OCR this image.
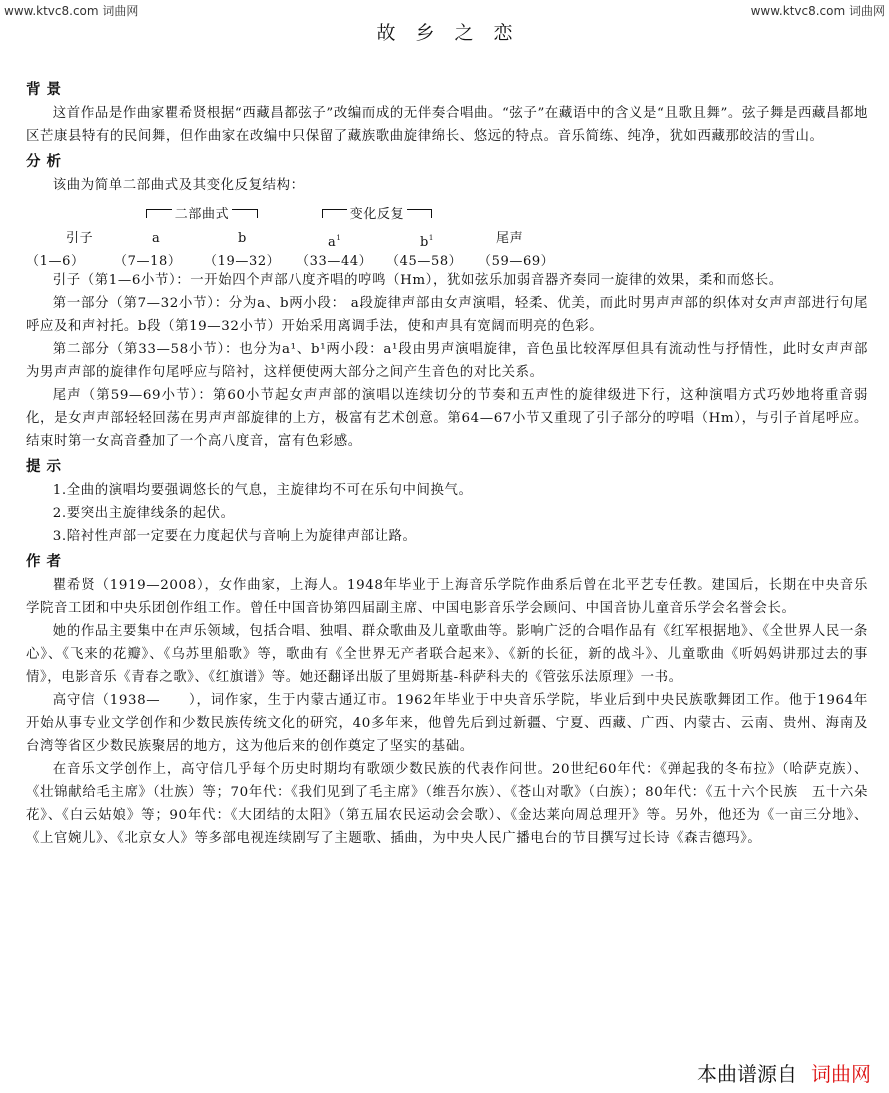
www.ktvc8.com 词曲网	www.ktvc8.com 词曲网
故乡之恋
背景
这首作品是作曲家瞿希贤根据“西藏昌都弦子”改编而成的无伴奏合唱曲。“弦子”在藏语中的含义是“且歌且舞”。弦子舞是西藏昌都地区芒康县特有的民间舞，但作曲家在改编中只保留了藏族歌曲旋律绵长、悠远的特点。音乐简练、纯净，犹如西藏那皎洁的雪山。
分析
该曲为简单二部曲式及其变化反复结构：
二部曲式	变化反复
引子	a	b	$a^1$	$b^1$	尾声
（1—6） （7—18） （19—32） （33—44） （45—58） （59—69）
引子（第1—6小节）：一开始四个声部八度齐唱的哼鸣（Hm），犹如弦乐加弱音器齐奏同一旋律的效果，柔和而悠长。
第一部分（第7—32小节）：分为a、b两小段： a段旋律声部由女声演唱，轻柔、优美，而此时男声声部的织体对女声声部进行句尾呼应及和声衬托。b段（第19—32小节）开始采用离调手法，使和声具有宽阔而明亮的色彩。
第二部分（第33—58小节）：也分为a¹、b¹两小段：a¹段由男声演唱旋律，音色虽比较浑厚但具有流动性与抒情性，此时女声声部为男声声部的旋律作句尾呼应与陪衬，这样便使两大部分之间产生音色的对比关系。
尾声（第59—69小节）：第60小节起女声声部的演唱以连续切分的节奏和五声性的旋律级进下行，这种演唱方式巧妙地将重音弱化，是女声声部轻轻回荡在男声声部旋律的上方，极富有艺术创意。第64—67小节又重现了引子部分的哼唱（Hm），与引子首尾呼应。结束时第一女高音叠加了一个高八度音，富有色彩感。
提示
1.全曲的演唱均要强调悠长的气息，主旋律均不可在乐句中间换气。
2.要突出主旋律线条的起伏。
3.陪衬性声部一定要在力度起伏与音响上为旋律声部让路。
作者
瞿希贤（1919—2008），女作曲家，上海人。1948年毕业于上海音乐学院作曲系后曾在北平艺专任教。建国后，长期在中央音乐学院音工团和中央乐团创作组工作。曾任中国音协第四届副主席、中国电影音乐学会顾问、中国音协儿童音乐学会名誉会长。
她的作品主要集中在声乐领域，包括合唱、独唱、群众歌曲及儿童歌曲等。影响广泛的合唱作品有《红军根据地》、《全世界人民一条心》、《飞来的花瓣》、《乌苏里船歌》等，歌曲有《全世界无产者联合起来》、《新的长征，新的战斗》、儿童歌曲《听妈妈讲那过去的事情》，电影音乐《青春之歌》、《红旗谱》等。她还翻译出版了里姆斯基-科萨科夫的《管弦乐法原理》一书。
高守信（1938—　　），词作家，生于内蒙古通辽市。1962年毕业于中央音乐学院，毕业后到中央民族歌舞团工作。他于1964年开始从事专业文学创作和少数民族传统文化的研究，40多年来，他曾先后到过新疆、宁夏、西藏、广西、内蒙古、云南、贵州、海南及台湾等省区少数民族聚居的地方，这为他后来的创作奠定了坚实的基础。
在音乐文学创作上，高守信几乎每个历史时期均有歌颂少数民族的代表作问世。20世纪60年代：《弹起我的冬布拉》（哈萨克族）、《壮锦献给毛主席》（壮族）等；70年代：《我们见到了毛主席》（维吾尔族）、《苍山对歌》（白族）；80年代：《五十六个民族　五十六朵花》、《白云姑娘》等；90年代：《大团结的太阳》（第五届农民运动会会歌）、《金达莱向周总理开》等。另外，他还为《一亩三分地》、《上官婉儿》、《北京女人》等多部电视连续剧写了主题歌、插曲，为中央人民广播电台的节目撰写过长诗《森吉德玛》。
本曲谱源自 词曲网
